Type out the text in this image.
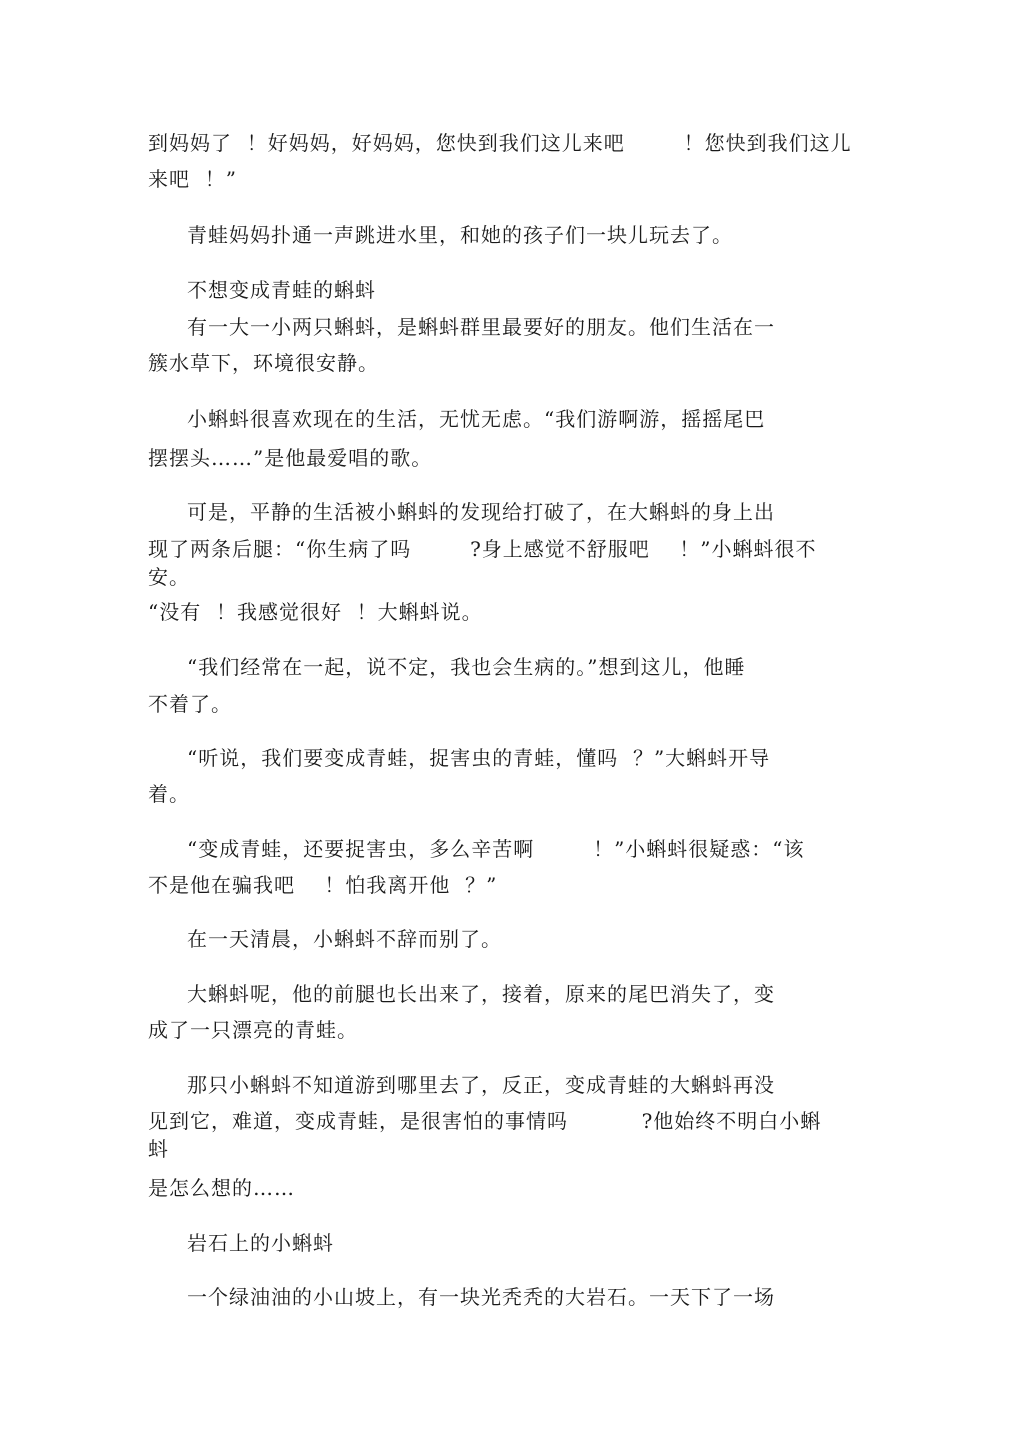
到妈妈了  ！好妈妈，好妈妈，您快到我们这儿来吧        ！您快到我们这儿
来吧  ！”
青蛙妈妈扑通一声跳进水里，和她的孩子们一块儿玩去了。
不想变成青蛙的蝌蚪
有一大一小两只蝌蚪，是蝌蚪群里最要好的朋友。他们生活在一
簇水草下，环境很安静。
小蝌蚪很喜欢现在的生活，无忧无虑。“我们游啊游，摇摇尾巴
摆摆头……”是他最爱唱的歌。
可是，平静的生活被小蝌蚪的发现给打破了，在大蝌蚪的身上出
现了两条后腿：“你生病了吗        ?身上感觉不舒服吧    ！”小蝌蚪很不
安。
“没有  ！我感觉很好  ！大蝌蚪说。
“我们经常在一起，说不定，我也会生病的。”想到这儿，他睡
不着了。
“听说，我们要变成青蛙，捉害虫的青蛙，懂吗  ？”大蝌蚪开导
着。
“变成青蛙，还要捉害虫，多么辛苦啊        ！”小蝌蚪很疑惑：“该
不是他在骗我吧    ！怕我离开他  ？”
在一天清晨，小蝌蚪不辞而别了。
大蝌蚪呢，他的前腿也长出来了，接着，原来的尾巴消失了，变
成了一只漂亮的青蛙。
那只小蝌蚪不知道游到哪里去了，反正，变成青蛙的大蝌蚪再没
见到它，难道，变成青蛙，是很害怕的事情吗          ?他始终不明白小蝌
蚪
是怎么想的……
岩石上的小蝌蚪
一个绿油油的小山坡上，有一块光秃秃的大岩石。一天下了一场
